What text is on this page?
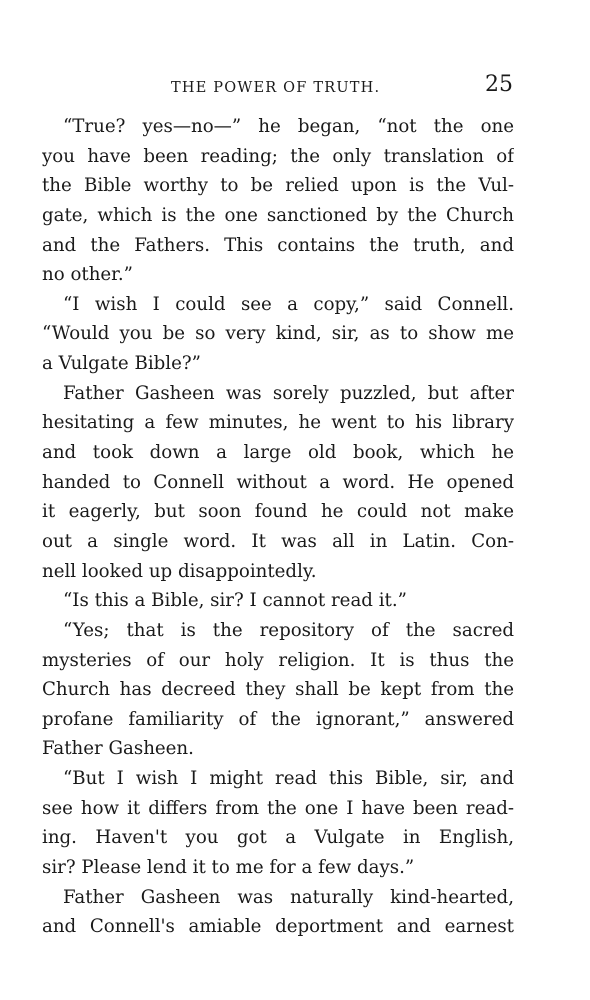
THE POWER OF TRUTH.	25
“True? yes—no—” he began, “not the one
you have been reading; the only translation of
the Bible worthy to be relied upon is the Vul-
gate, which is the one sanctioned by the Church
and the Fathers. This contains the truth, and
no other.”
“I wish I could see a copy,” said Connell.
“Would you be so very kind, sir, as to show me
a Vulgate Bible?”
Father Gasheen was sorely puzzled, but after
hesitating a few minutes, he went to his library
and took down a large old book, which he
handed to Connell without a word. He opened
it eagerly, but soon found he could not make
out a single word. It was all in Latin. Con-
nell looked up disappointedly.
“Is this a Bible, sir? I cannot read it.”
“Yes; that is the repository of the sacred
mysteries of our holy religion. It is thus the
Church has decreed they shall be kept from the
profane familiarity of the ignorant,” answered
Father Gasheen.
“But I wish I might read this Bible, sir, and
see how it differs from the one I have been read-
ing. Haven't you got a Vulgate in English,
sir? Please lend it to me for a few days.”
Father Gasheen was naturally kind-hearted,
and Connell's amiable deportment and earnest
